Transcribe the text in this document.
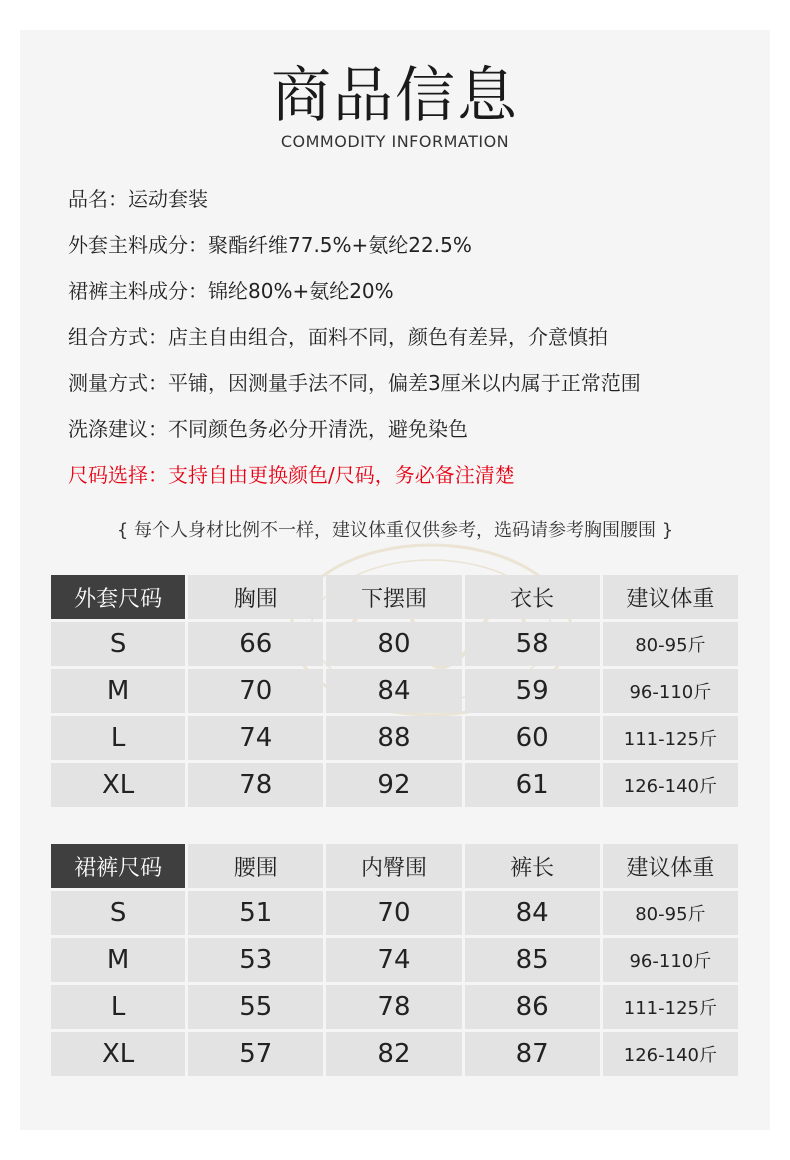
商品信息
COMMODITY INFORMATION
品名：运动套装
外套主料成分：聚酯纤维77.5%+氨纶22.5%
裙裤主料成分：锦纶80%+氨纶20%
组合方式：店主自由组合，面料不同，颜色有差异，介意慎拍
测量方式：平铺，因测量手法不同，偏差3厘米以内属于正常范围
洗涤建议：不同颜色务必分开清洗，避免染色
尺码选择：支持自由更换颜色/尺码，务必备注清楚
{ 每个人身材比例不一样，建议体重仅供参考，选码请参考胸围腰围 }
外套尺码	胸围	下摆围	衣长	建议体重
S	66	80	58	80-95斤
M	70	84	59	96-110斤
L	74	88	60	111-125斤
XL	78	92	61	126-140斤
裙裤尺码	腰围	内臀围	裤长	建议体重
S	51	70	84	80-95斤
M	53	74	85	96-110斤
L	55	78	86	111-125斤
XL	57	82	87	126-140斤
